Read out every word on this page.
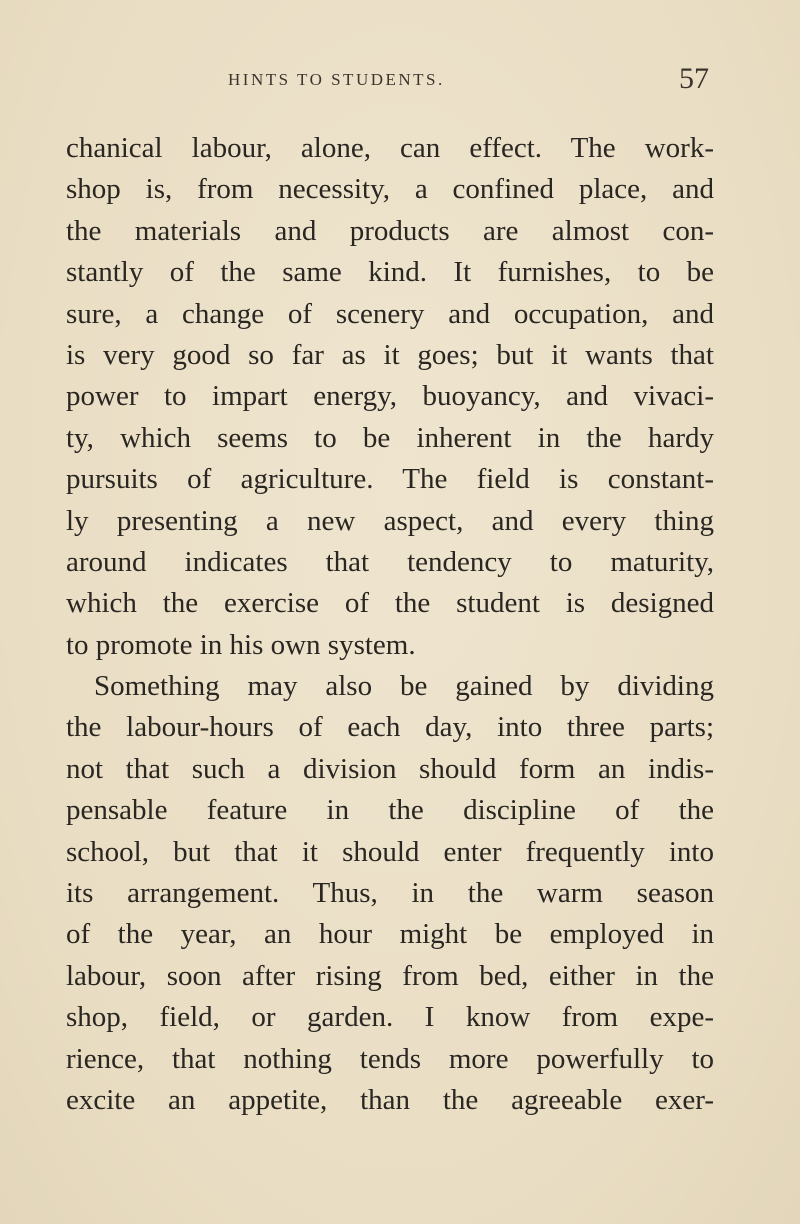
HINTS TO STUDENTS.	57
chanical labour, alone, can effect. The work-
shop is, from necessity, a confined place, and
the materials and products are almost con-
stantly of the same kind. It furnishes, to be
sure, a change of scenery and occupation, and
is very good so far as it goes; but it wants that
power to impart energy, buoyancy, and vivaci-
ty, which seems to be inherent in the hardy
pursuits of agriculture. The field is constant-
ly presenting a new aspect, and every thing
around indicates that tendency to maturity,
which the exercise of the student is designed
to promote in his own system.
Something may also be gained by dividing
the labour-hours of each day, into three parts;
not that such a division should form an indis-
pensable feature in the discipline of the
school, but that it should enter frequently into
its arrangement. Thus, in the warm season
of the year, an hour might be employed in
labour, soon after rising from bed, either in the
shop, field, or garden. I know from expe-
rience, that nothing tends more powerfully to
excite an appetite, than the agreeable exer-
